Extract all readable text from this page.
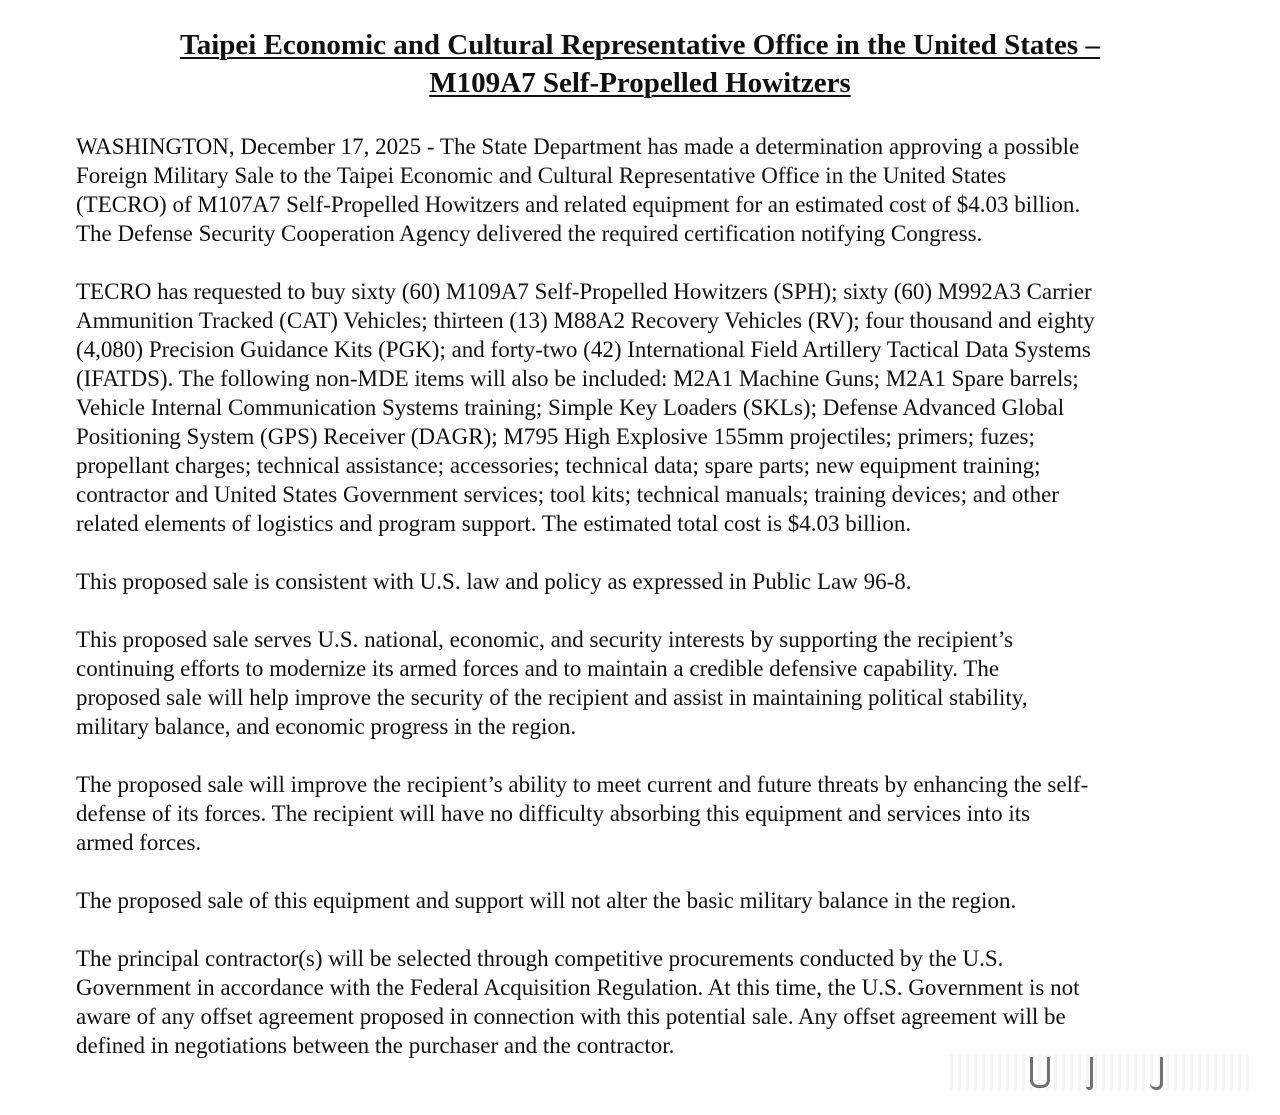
Taipei Economic and Cultural Representative Office in the United States –
M109A7 Self-Propelled Howitzers
WASHINGTON, December 17, 2025 - The State Department has made a determination approving a possible
Foreign Military Sale to the Taipei Economic and Cultural Representative Office in the United States
(TECRO) of M107A7 Self-Propelled Howitzers and related equipment for an estimated cost of $4.03 billion.
The Defense Security Cooperation Agency delivered the required certification notifying Congress.
TECRO has requested to buy sixty (60) M109A7 Self-Propelled Howitzers (SPH); sixty (60) M992A3 Carrier
Ammunition Tracked (CAT) Vehicles; thirteen (13) M88A2 Recovery Vehicles (RV); four thousand and eighty
(4,080) Precision Guidance Kits (PGK); and forty-two (42) International Field Artillery Tactical Data Systems
(IFATDS). The following non-MDE items will also be included: M2A1 Machine Guns; M2A1 Spare barrels;
Vehicle Internal Communication Systems training; Simple Key Loaders (SKLs); Defense Advanced Global
Positioning System (GPS) Receiver (DAGR); M795 High Explosive 155mm projectiles; primers; fuzes;
propellant charges; technical assistance; accessories; technical data; spare parts; new equipment training;
contractor and United States Government services; tool kits; technical manuals; training devices; and other
related elements of logistics and program support. The estimated total cost is $4.03 billion.
This proposed sale is consistent with U.S. law and policy as expressed in Public Law 96-8.
This proposed sale serves U.S. national, economic, and security interests by supporting the recipient’s
continuing efforts to modernize its armed forces and to maintain a credible defensive capability. The
proposed sale will help improve the security of the recipient and assist in maintaining political stability,
military balance, and economic progress in the region.
The proposed sale will improve the recipient’s ability to meet current and future threats by enhancing the self-
defense of its forces. The recipient will have no difficulty absorbing this equipment and services into its
armed forces.
The proposed sale of this equipment and support will not alter the basic military balance in the region.
The principal contractor(s) will be selected through competitive procurements conducted by the U.S.
Government in accordance with the Federal Acquisition Regulation. At this time, the U.S. Government is not
aware of any offset agreement proposed in connection with this potential sale. Any offset agreement will be
defined in negotiations between the purchaser and the contractor.
